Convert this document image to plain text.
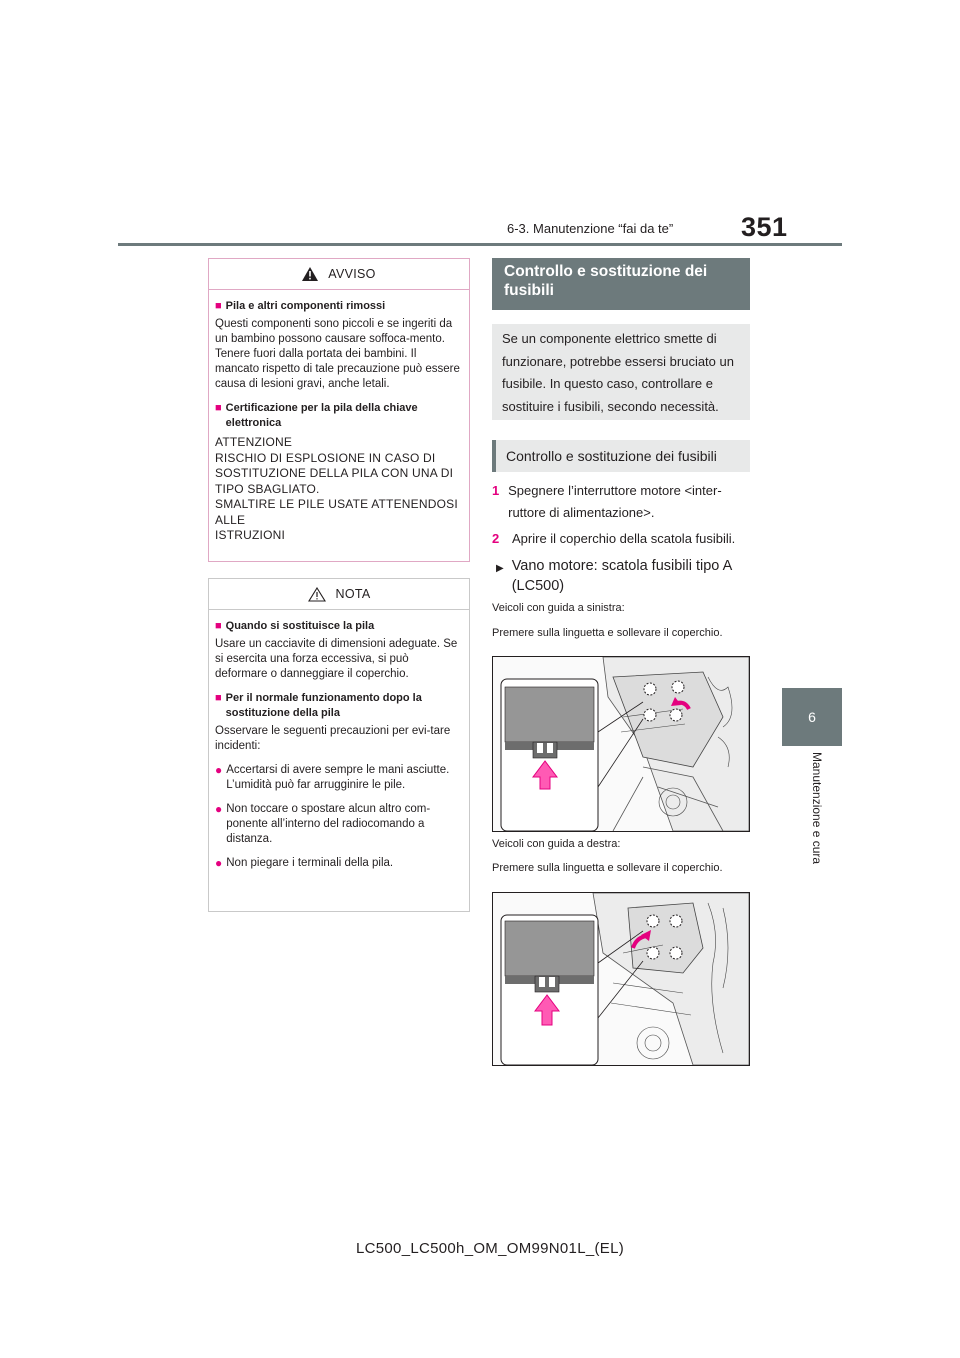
351
6-3. Manutenzione “fai da te”
6
Manutenzione e cura
AVVISO
■ Pila e altri componenti rimossi
Questi componenti sono piccoli e se ingeriti da un bambino possono causare soffoca-mento. Tenere fuori dalla portata dei bambini. Il mancato rispetto di tale precauzione può essere causa di lesioni gravi, anche letali.
■ Certificazione per la pila della chiave elettronica
ATTENZIONE
RISCHIO DI ESPLOSIONE IN CASO DI SOSTITUZIONE DELLA PILA CON UNA DI TIPO SBAGLIATO.
SMALTIRE LE PILE USATE ATTENENDOSI ALLE
ISTRUZIONI
NOTA
■ Quando si sostituisce la pila
Usare un cacciavite di dimensioni adeguate. Se si esercita una forza eccessiva, si può deformare o danneggiare il coperchio.
■ Per il normale funzionamento dopo la sostituzione della pila
Osservare le seguenti precauzioni per evi-tare incidenti:
● Accertarsi di avere sempre le mani asciutte.
L’umidità può far arrugginire le pile.
● Non toccare o spostare alcun altro com-ponente all’interno del radiocomando a distanza.
● Non piegare i terminali della pila.
Controllo e sostituzione dei fusibili
Se un componente elettrico smette di funzionare, potrebbe essersi bruciato un fusibile. In questo caso, controllare e sostituire i fusibili, secondo necessità.
Controllo e sostituzione dei fusibili
1 Spegnere l’interruttore motore <inter-ruttore di alimentazione>.
2 Aprire il coperchio della scatola fusibili.
▶ Vano motore: scatola fusibili tipo A (LC500)
Veicoli con guida a sinistra:
Premere sulla linguetta e sollevare il coperchio.
Veicoli con guida a destra:
Premere sulla linguetta e sollevare il coperchio.
LC500_LC500h_OM_OM99N01L_(EL)
